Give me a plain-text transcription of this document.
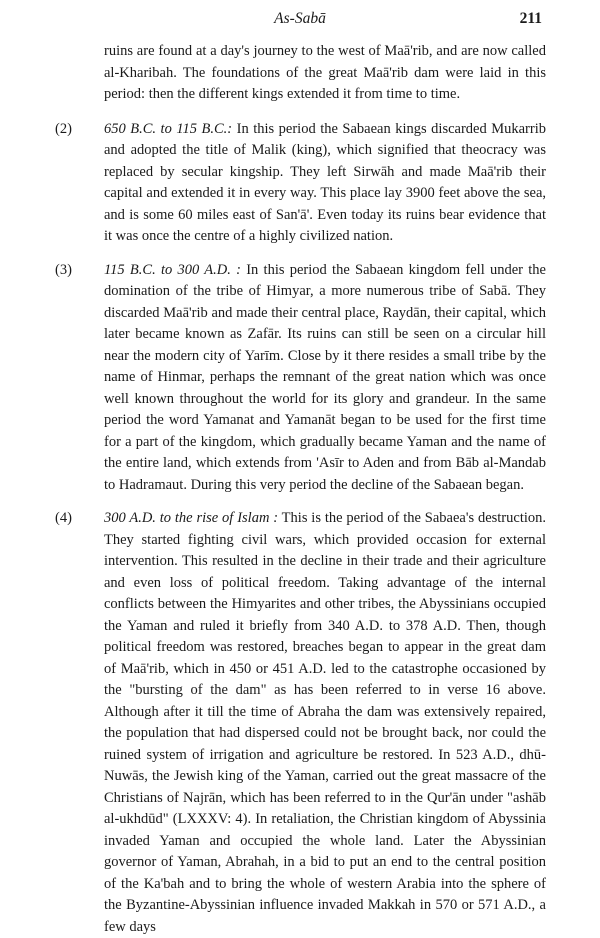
As-Sabā	211
ruins are found at a day's journey to the west of Maā'rib, and are now called al-Kharibah. The foundations of the great Maā'rib dam were laid in this period: then the different kings extended it from time to time.
(2) 650 B.C. to 115 B.C.: In this period the Sabaean kings discarded Mukarrib and adopted the title of Malik (king), which signified that theocracy was replaced by secular kingship. They left Sirwāh and made Maā'rib their capital and extended it in every way. This place lay 3900 feet above the sea, and is some 60 miles east of San'ā'. Even today its ruins bear evidence that it was once the centre of a highly civilized nation.
(3) 115 B.C. to 300 A.D. : In this period the Sabaean kingdom fell under the domination of the tribe of Himyar, a more numerous tribe of Sabā. They discarded Maā'rib and made their central place, Raydān, their capital, which later became known as Zafār. Its ruins can still be seen on a circular hill near the modern city of Yarīm. Close by it there resides a small tribe by the name of Hinmar, perhaps the remnant of the great nation which was once well known throughout the world for its glory and grandeur. In the same period the word Yamanat and Yamanāt began to be used for the first time for a part of the kingdom, which gradually became Yaman and the name of the entire land, which extends from 'Asīr to Aden and from Bāb al-Mandab to Hadramaut. During this very period the decline of the Sabaean began.
(4) 300 A.D. to the rise of Islam : This is the period of the Sabaea's destruction. They started fighting civil wars, which provided occasion for external intervention. This resulted in the decline in their trade and their agriculture and even loss of political freedom. Taking advantage of the internal conflicts between the Himyarites and other tribes, the Abyssinians occupied the Yaman and ruled it briefly from 340 A.D. to 378 A.D. Then, though political freedom was restored, breaches began to appear in the great dam of Maā'rib, which in 450 or 451 A.D. led to the catastrophe occasioned by the "bursting of the dam" as has been referred to in verse 16 above. Although after it till the time of Abraha the dam was extensively repaired, the population that had dispersed could not be brought back, nor could the ruined system of irrigation and agriculture be restored. In 523 A.D., dhū-Nuwās, the Jewish king of the Yaman, carried out the great massacre of the Christians of Najrān, which has been referred to in the Qur'ān under "ashāb al-ukhdūd" (LXXXV: 4). In retaliation, the Christian kingdom of Abyssinia invaded Yaman and occupied the whole land. Later the Abyssinian governor of Yaman, Abrahah, in a bid to put an end to the central position of the Ka'bah and to bring the whole of western Arabia into the sphere of the Byzantine-Abyssinian influence invaded Makkah in 570 or 571 A.D., a few days
